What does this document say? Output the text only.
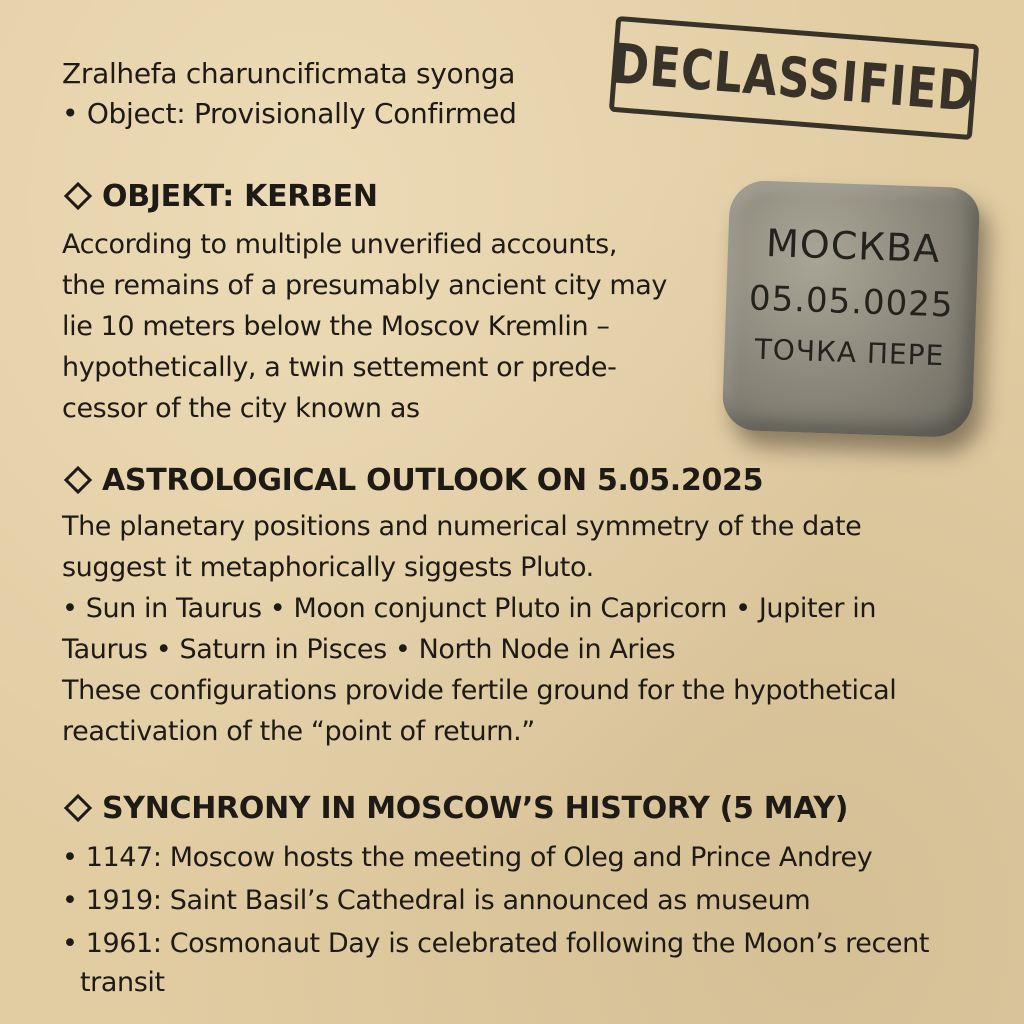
Zralhefa charuncificmata syonga
• Object: Provisionally Confirmed	DECLASSIFIED
МОСКВА
05.05.0025
ТОЧКА ПЕРЕ
OBJEKT: KERBEN
According to multiple unverified accounts,
the remains of a presumably ancient city may
lie 10 meters below the Moscov Kremlin –
hypothetically, a twin settement or prede-
cessor of the city known as
ASTROLOGICAL OUTLOOK ON 5.05.2025
The planetary positions and numerical symmetry of the date
suggest it metaphorically siggests Pluto.
• Sun in Taurus • Moon conjunct Pluto in Capricorn • Jupiter in
Taurus • Saturn in Pisces • North Node in Aries
These configurations provide fertile ground for the hypothetical
reactivation of the “point of return.”
SYNCHRONY IN MOSCOW’S HISTORY (5 MAY)
• 1147: Moscow hosts the meeting of Oleg and Prince Andrey
• 1919: Saint Basil’s Cathedral is announced as museum
• 1961: Cosmonaut Day is celebrated following the Moon’s recent
transit
